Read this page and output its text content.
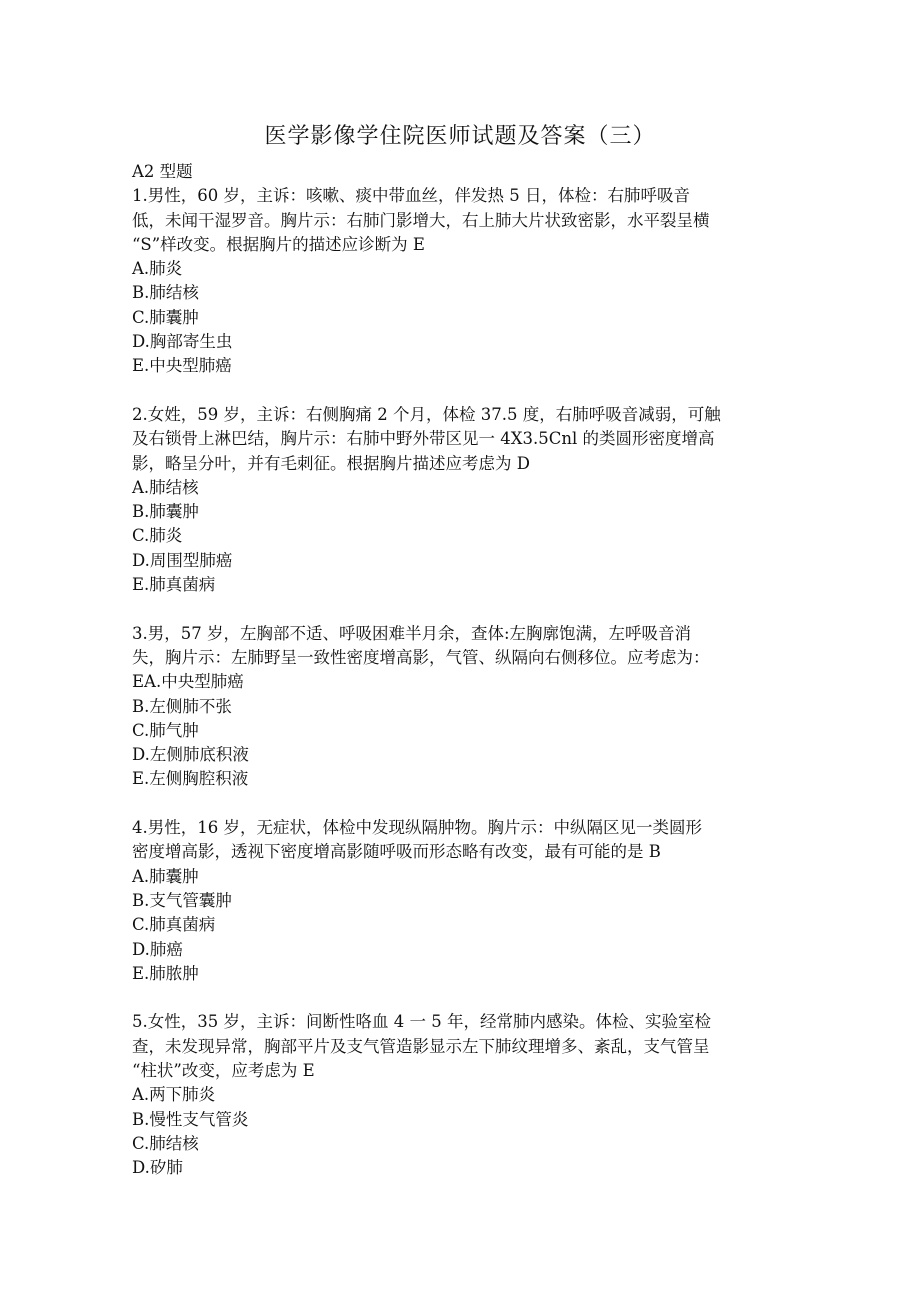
医学影像学住院医师试题及答案（三）
A2 型题
1.男性，60 岁，主诉：咳嗽、痰中带血丝，伴发热 5 日，体检：右肺呼吸音
低，未闻干湿罗音。胸片示：右肺门影增大，右上肺大片状致密影，水平裂呈横
“S”样改变。根据胸片的描述应诊断为 E
A.肺炎
B.肺结核
C.肺囊肿
D.胸部寄生虫
E.中央型肺癌
2.女姓，59 岁，主诉：右侧胸痛 2 个月，体检 37.5 度，右肺呼吸音减弱，可触
及右锁骨上淋巴结，胸片示：右肺中野外带区见一 4X3.5Cnl 的类圆形密度增高
影，略呈分叶，并有毛刺征。根据胸片描述应考虑为 D
A.肺结核
B.肺囊肿
C.肺炎
D.周围型肺癌
E.肺真菌病
3.男，57 岁，左胸部不适、呼吸困难半月余，查体:左胸廓饱满，左呼吸音消
失，胸片示：左肺野呈一致性密度增高影，气管、纵隔向右侧移位。应考虑为：
EA.中央型肺癌
B.左侧肺不张
C.肺气肿
D.左侧肺底积液
E.左侧胸腔积液
4.男性，16 岁，无症状，体检中发现纵隔肿物。胸片示：中纵隔区见一类圆形
密度增高影，透视下密度增高影随呼吸而形态略有改变，最有可能的是 B
A.肺囊肿
B.支气管囊肿
C.肺真菌病
D.肺癌
E.肺脓肿
5.女性，35 岁，主诉：间断性咯血 4 一 5 年，经常肺内感染。体检、实验室检
查，未发现异常，胸部平片及支气管造影显示左下肺纹理增多、紊乱，支气管呈
“柱状”改变，应考虑为 E
A.两下肺炎
B.慢性支气管炎
C.肺结核
D.矽肺
